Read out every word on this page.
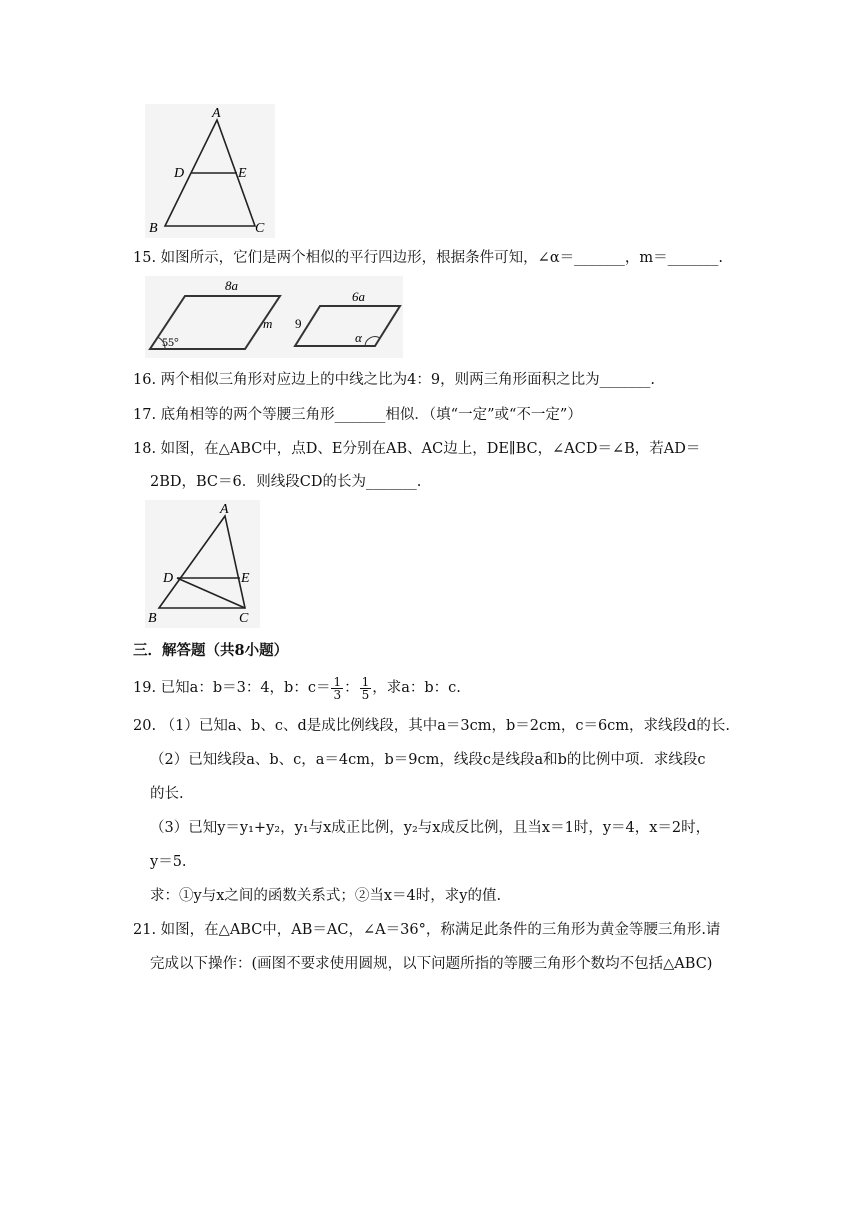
A
D	E
B	C
15. 如图所示，它们是两个相似的平行四边形，根据条件可知，∠α＝_______，m＝_______.
8a
m
55°
6a
9
α
16. 两个相似三角形对应边上的中线之比为4：9，则两三角形面积之比为_______.
17. 底角相等的两个等腰三角形_______相似．（填“一定”或“不一定”）
18. 如图，在△ABC中，点D、E分别在AB、AC边上，DE∥BC，∠ACD＝∠B，若AD＝
2BD，BC＝6．则线段CD的长为_______.
A
D	E
B	C
三．解答题（共8小题）
19. 已知a：b＝3：4，b：$c= \frac{1}{3}$ ： $\frac{1}{5}$ ，求a：b：c.
20. （1）已知a、b、c、d是成比例线段，其中a＝3cm，b＝2cm，c＝6cm，求线段d的长.
（2）已知线段a、b、c，a＝4cm，b＝9cm，线段c是线段a和b的比例中项．求线段c
的长.
（3）已知y＝y₁+y₂，y₁与x成正比例，y₂与x成反比例，且当x＝1时，y＝4，x＝2时，
y＝5.
求：①y与x之间的函数关系式；②当x＝4时，求y的值.
21. 如图，在△ABC中，AB＝AC，∠A＝36°，称满足此条件的三角形为黄金等腰三角形.请
完成以下操作：(画图不要求使用圆规，以下问题所指的等腰三角形个数均不包括△ABC)
